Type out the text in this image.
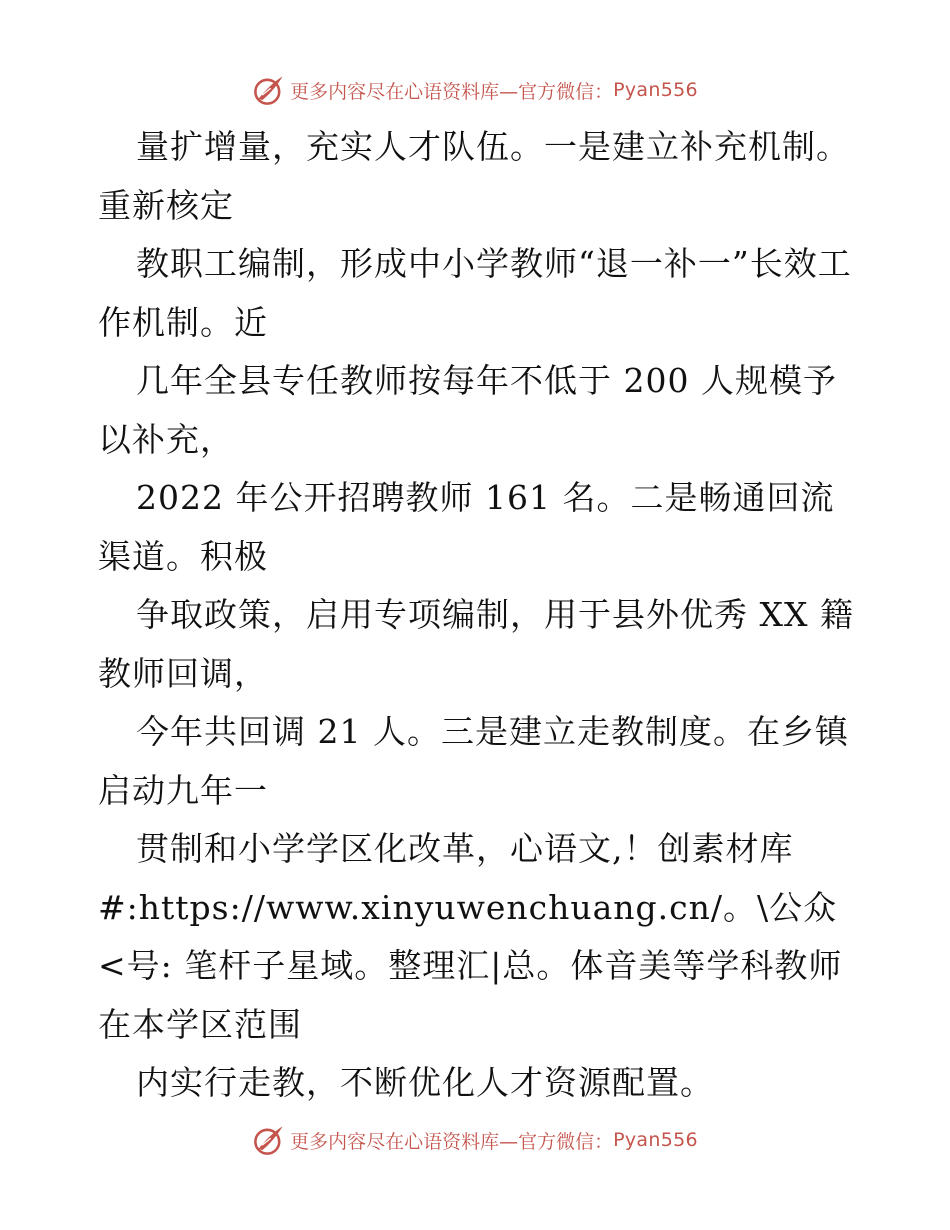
更多内容尽在心语资料库—官方微信： Pyan556

量扩增量，充实人才队伍。一是建立补充机制。重新核定

教职工编制，形成中小学教师“退一补一”长效工作机制。近

几年全县专任教师按每年不低于 200 人规模予以补充，

2022 年公开招聘教师 161 名。二是畅通回流渠道。积极

争取政策，启用专项编制，用于县外优秀 XX 籍教师回调，

今年共回调 21 人。三是建立走教制度。在乡镇启动九年一

贯制和小学学区化改革，心语文,！创素材库#:https://www.xinyuwenchuang.cn/。\公众<号: 笔杆子星域。整理汇|总。体音美等学科教师在本学区范围

内实行走教，不断优化人才资源配置。

更多内容尽在心语资料库—官方微信： Pyan556
